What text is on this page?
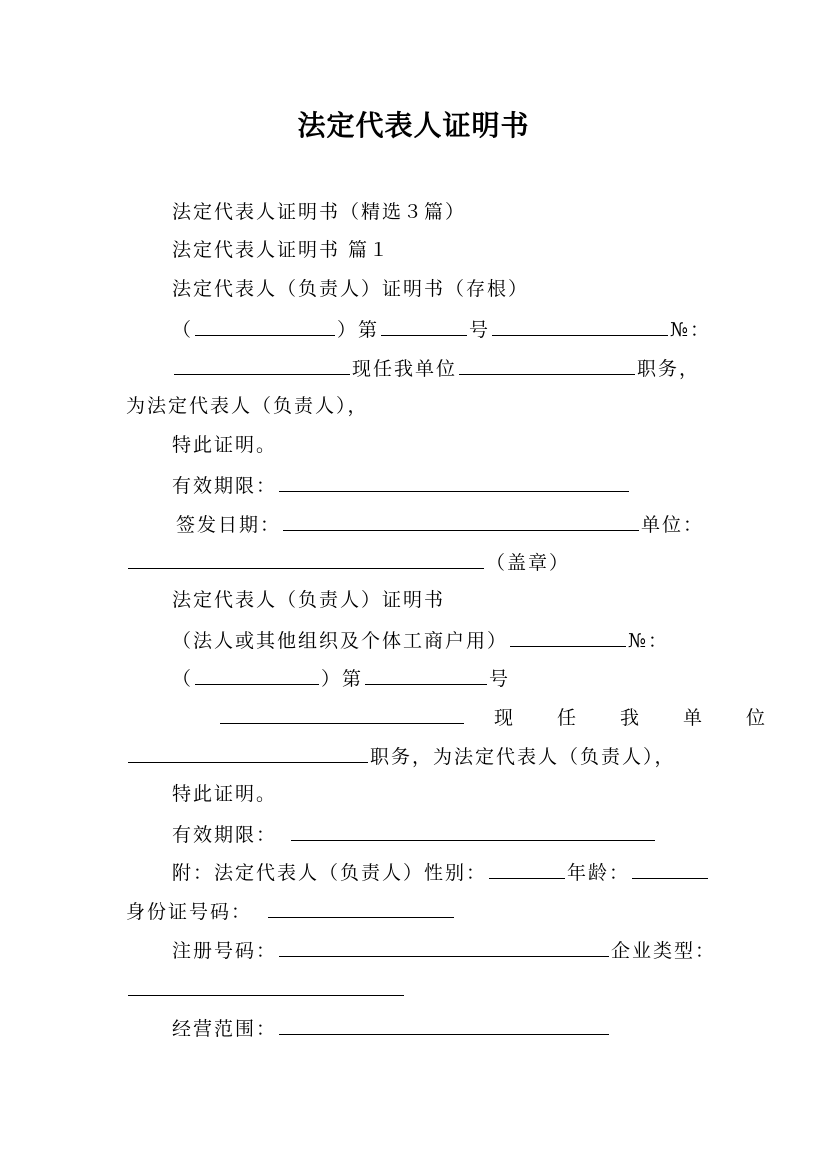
法定代表人证明书
法定代表人证明书（精选３篇）
法定代表人证明书 篇１
法定代表人（负责人）证明书（存根）
（	）第	号	№：
现任我单位	职务，
为法定代表人（负责人），
特此证明。
有效期限：
签发日期：	单位：
（盖章）
法定代表人（负责人）证明书
（法人或其他组织及个体工商户用）	№：
（	）第	号
现　　任　　我　　单　　位
职务，为法定代表人（负责人），
特此证明。
有效期限：
附：法定代表人（负责人）性别：	年龄：
身份证号码：
注册号码：	企业类型：
经营范围：
